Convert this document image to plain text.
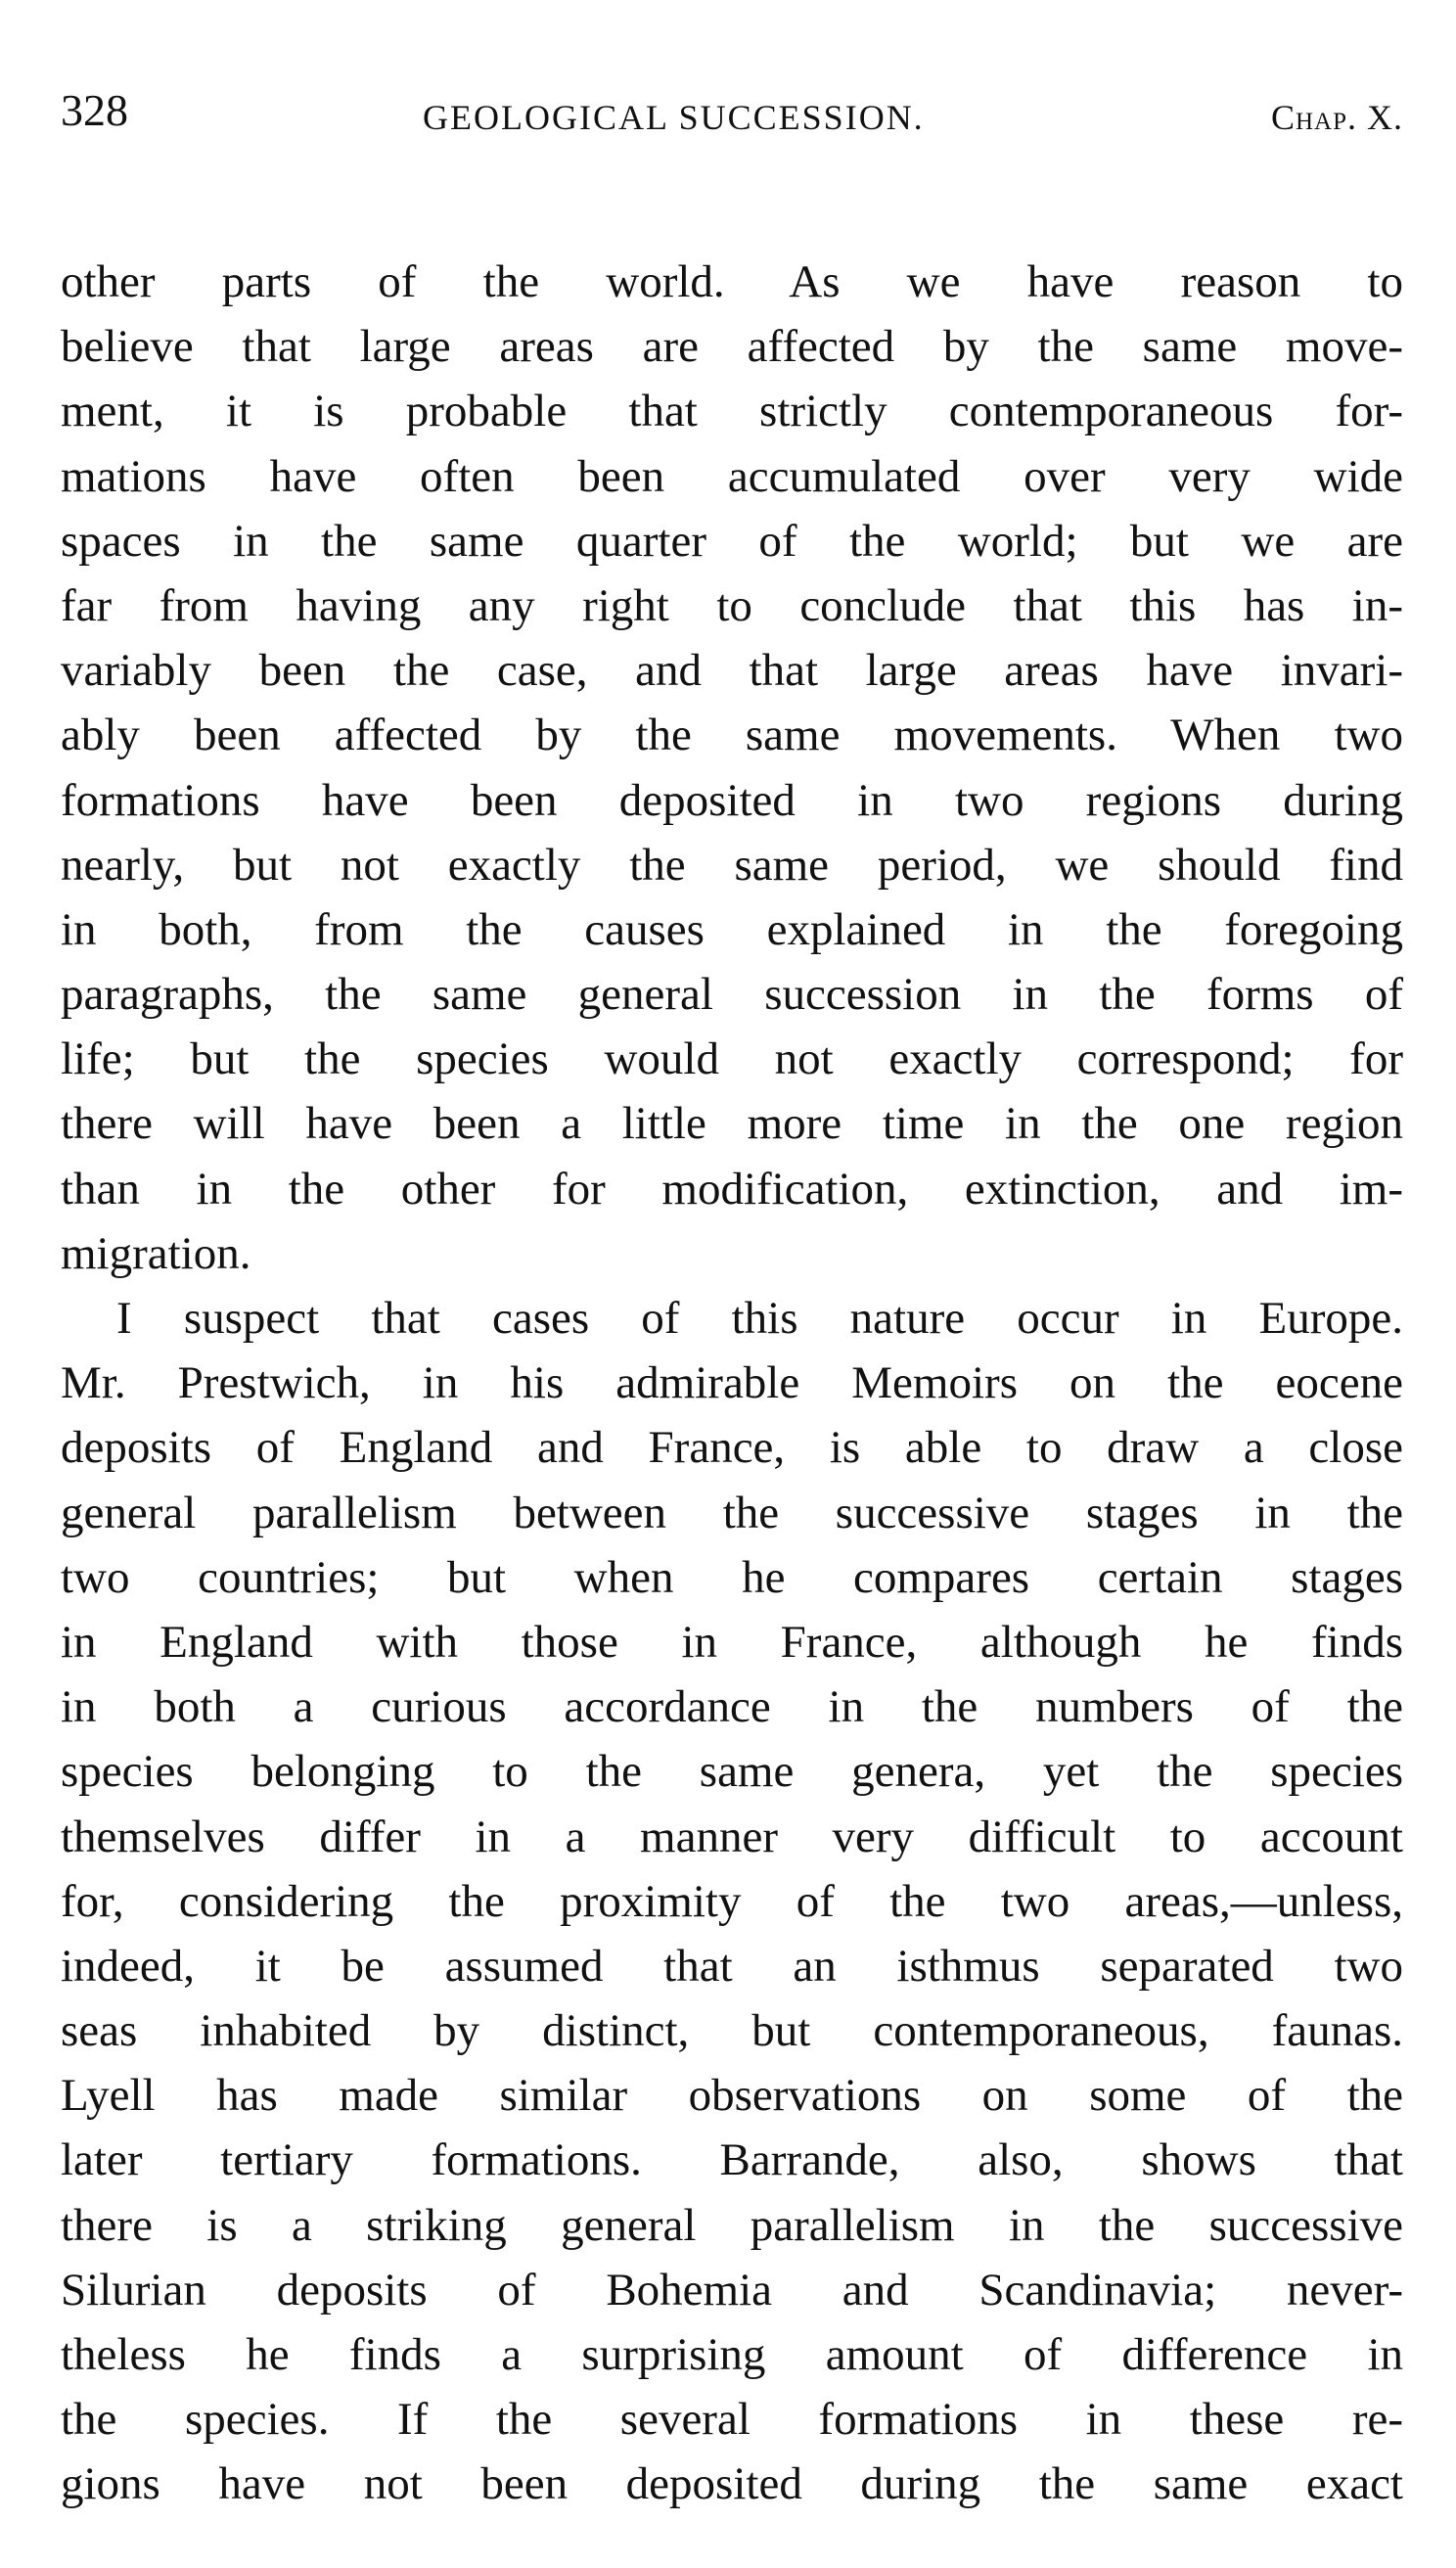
328	GEOLOGICAL SUCCESSION.	Chap. X.
other parts of the world. As we have reason to
believe that large areas are affected by the same move-
ment, it is probable that strictly contemporaneous for-
mations have often been accumulated over very wide
spaces in the same quarter of the world; but we are
far from having any right to conclude that this has in-
variably been the case, and that large areas have invari-
ably been affected by the same movements. When two
formations have been deposited in two regions during
nearly, but not exactly the same period, we should find
in both, from the causes explained in the foregoing
paragraphs, the same general succession in the forms of
life; but the species would not exactly correspond; for
there will have been a little more time in the one region
than in the other for modification, extinction, and im-
migration.
I suspect that cases of this nature occur in Europe.
Mr. Prestwich, in his admirable Memoirs on the eocene
deposits of England and France, is able to draw a close
general parallelism between the successive stages in the
two countries; but when he compares certain stages
in England with those in France, although he finds
in both a curious accordance in the numbers of the
species belonging to the same genera, yet the species
themselves differ in a manner very difficult to account
for, considering the proximity of the two areas,—unless,
indeed, it be assumed that an isthmus separated two
seas inhabited by distinct, but contemporaneous, faunas.
Lyell has made similar observations on some of the
later tertiary formations. Barrande, also, shows that
there is a striking general parallelism in the successive
Silurian deposits of Bohemia and Scandinavia; never-
theless he finds a surprising amount of difference in
the species. If the several formations in these re-
gions have not been deposited during the same exact
